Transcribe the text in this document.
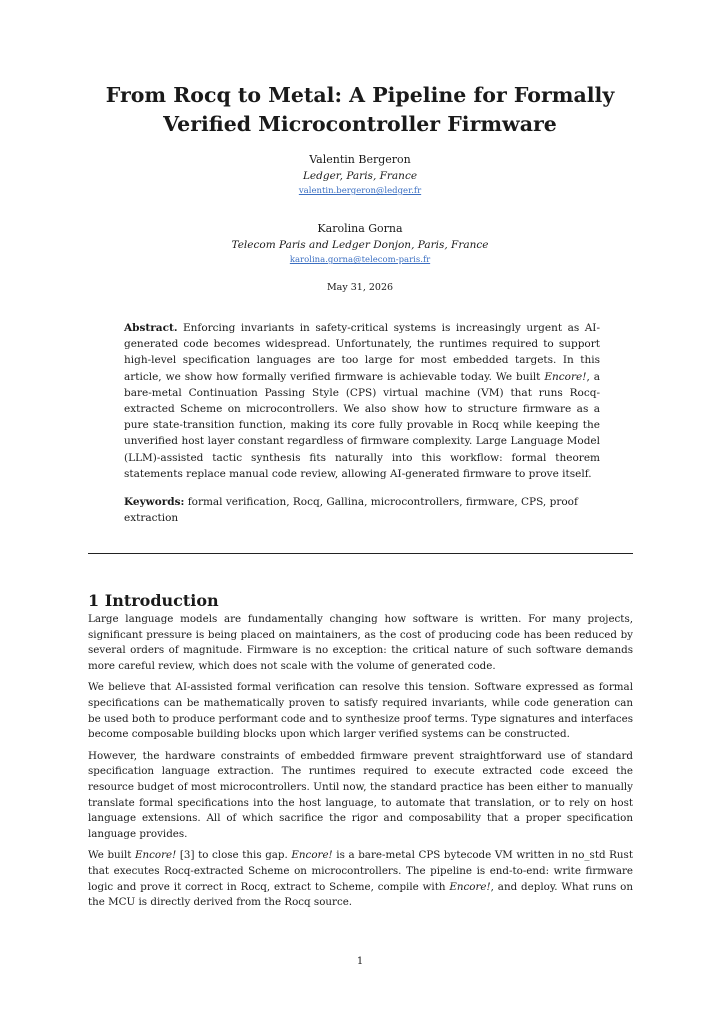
From Rocq to Metal: A Pipeline for Formally Verified Microcontroller Firmware
Valentin Bergeron
Ledger, Paris, France
valentin.bergeron@ledger.fr
Karolina Gorna
Telecom Paris and Ledger Donjon, Paris, France
karolina.gorna@telecom-paris.fr
May 31, 2026

Abstract. Enforcing invariants in safety-critical systems is increasingly urgent as AI-generated code becomes widespread. Unfortunately, the runtimes required to support high-level specification languages are too large for most embedded targets. In this article, we show how formally verified firmware is achievable today. We built Encore!, a bare-metal Continuation Passing Style (CPS) virtual machine (VM) that runs Rocq-extracted Scheme on microcontrollers. We also show how to structure firmware as a pure state-transition function, making its core fully provable in Rocq while keeping the unverified host layer constant regardless of firmware complexity. Large Language Model (LLM)-assisted tactic synthesis fits naturally into this workflow: formal theorem statements replace manual code review, allowing AI-generated firmware to prove itself.

Keywords: formal verification, Rocq, Gallina, microcontrollers, firmware, CPS, proof extraction

1 Introduction

Large language models are fundamentally changing how software is written. For many projects, significant pressure is being placed on maintainers, as the cost of producing code has been reduced by several orders of magnitude. Firmware is no exception: the critical nature of such software demands more careful review, which does not scale with the volume of generated code.

We believe that AI-assisted formal verification can resolve this tension. Software expressed as formal specifications can be mathematically proven to satisfy required invariants, while code generation can be used both to produce performant code and to synthesize proof terms. Type signatures and interfaces become composable building blocks upon which larger verified systems can be constructed.

However, the hardware constraints of embedded firmware prevent straightforward use of standard specification language extraction. The runtimes required to execute extracted code exceed the resource budget of most microcontrollers. Until now, the standard practice has been either to manually translate formal specifications into the host language, to automate that translation, or to rely on host language extensions. All of which sacrifice the rigor and composability that a proper specification language provides.

We built Encore! [3] to close this gap. Encore! is a bare-metal CPS bytecode VM written in no_std Rust that executes Rocq-extracted Scheme on microcontrollers. The pipeline is end-to-end: write firmware logic and prove it correct in Rocq, extract to Scheme, compile with Encore!, and deploy. What runs on the MCU is directly derived from the Rocq source.

1
